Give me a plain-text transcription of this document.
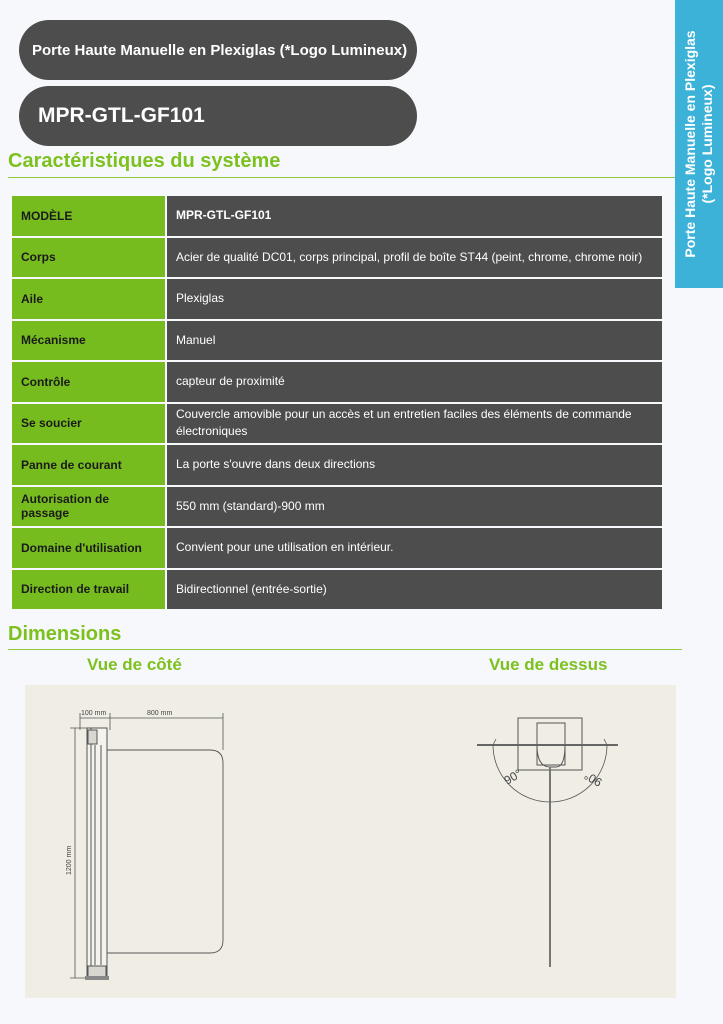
Porte Haute Manuelle en Plexiglas (*Logo Lumineux)
MPR-GTL-GF101	Porte Haute Manuelle en Plexiglas (*Logo Lumineux)
Caractéristiques du système
MODÈLE	MPR-GTL-GF101
Corps	Acier de qualité DC01, corps principal, profil de boîte ST44 (peint, chrome, chrome noir)
Aile	Plexiglas
Mécanisme	Manuel
Contrôle	capteur de proximité
Se soucier	Couvercle amovible pour un accès et un entretien faciles des éléments de commande électroniques
Panne de courant	La porte s'ouvre dans deux directions
Autorisation de passage	550 mm (standard)-900 mm
Domaine d'utilisation	Convient pour une utilisation en intérieur.
Direction de travail	Bidirectionnel (entrée-sortie)
Dimensions
Vue de côté	Vue de dessus
100 mm	800 mm
1200 mm
90°	90°
